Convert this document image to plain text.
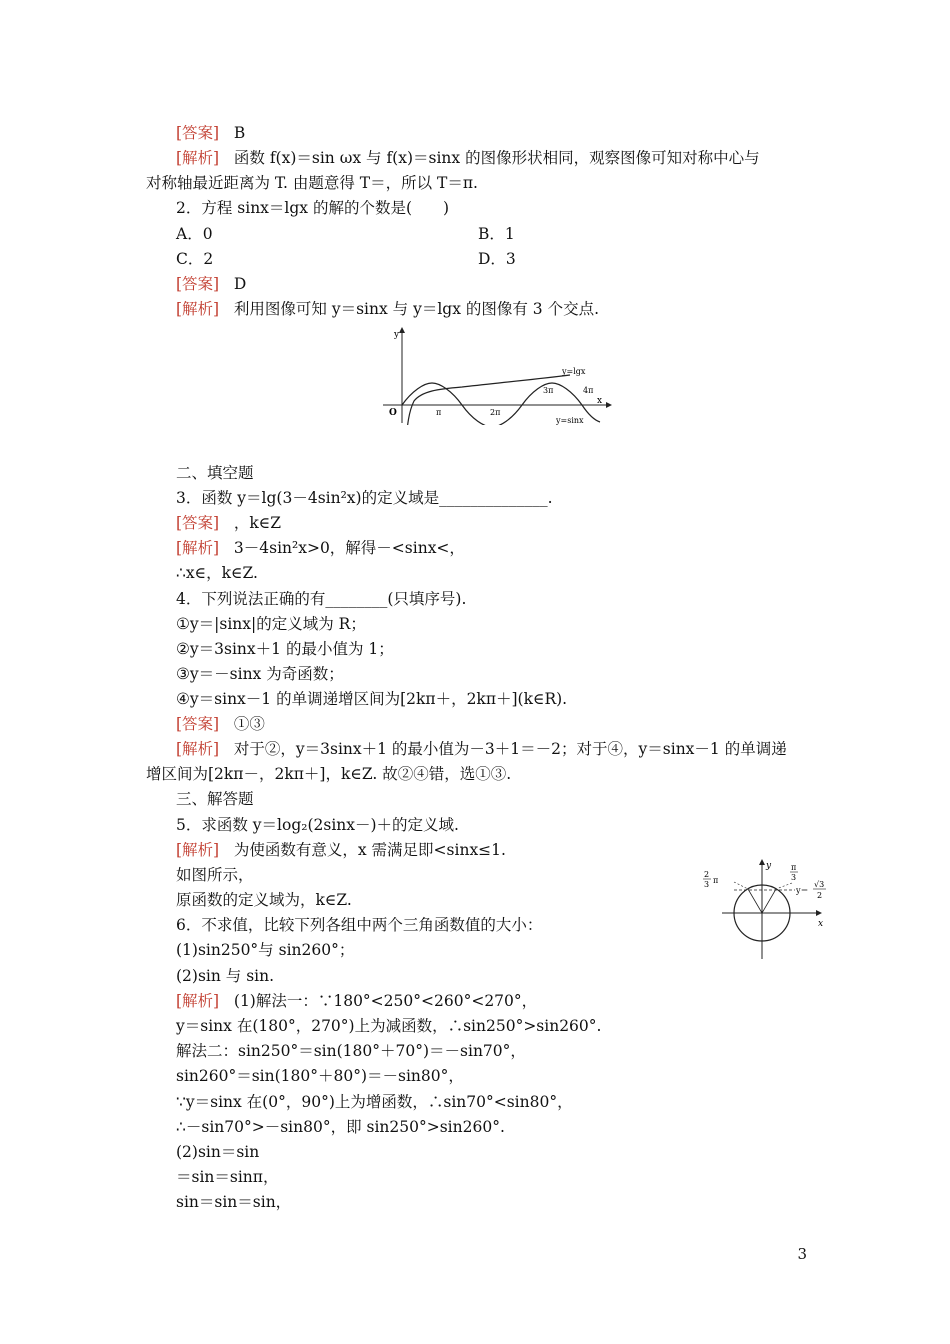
[答案] B
[解析] 函数 f(x)＝sin ωx 与 f(x)＝sinx 的图像形状相同，观察图像可知对称中心与
对称轴最近距离为 T. 由题意得 T＝，所以 T＝π.
2．方程 sinx＝lgx 的解的个数是(　　)
A．0	B．1
C．2	D．3
[答案] D
[解析] 利用图像可知 y＝sinx 与 y＝lgx 的图像有 3 个交点.
y
x
O	π	2π
3π	4π
y=lgx
y=sinx
二、填空题
3．函数 y＝lg(3－4sin²x)的定义域是______________.
[答案] ，k∈Z
[解析] 3－4sin²x>0，解得－<sinx<，
∴x∈，k∈Z.
4．下列说法正确的有________(只填序号).
①y＝|sinx|的定义域为 R；
②y＝3sinx＋1 的最小值为 1；
③y＝－sinx 为奇函数；
④y＝sinx－1 的单调递增区间为[2kπ＋，2kπ＋](k∈R).
[答案] ①③
[解析] 对于②，y＝3sinx＋1 的最小值为－3＋1＝－2；对于④，y＝sinx－1 的单调递
增区间为[2kπ－，2kπ＋]，k∈Z. 故②④错，选①③.
三、解答题
5．求函数 y＝log₂(2sinx－)＋的定义域.
[解析] 为使函数有意义，x 需满足即<sinx≤1.
如图所示，
原函数的定义域为，k∈Z.
y
x
2
3 π
π
3
y＝
√3
2
6．不求值，比较下列各组中两个三角函数值的大小：
(1)sin250°与 sin260°；
(2)sin 与 sin.
[解析] (1)解法一：∵180°<250°<260°<270°，
y＝sinx 在(180°，270°)上为减函数，∴sin250°>sin260°.
解法二：sin250°＝sin(180°＋70°)＝－sin70°，
sin260°＝sin(180°＋80°)＝－sin80°，
∵y＝sinx 在(0°，90°)上为增函数，∴sin70°<sin80°，
∴－sin70°>－sin80°，即 sin250°>sin260°.
(2)sin＝sin
＝sin＝sinπ，
sin＝sin＝sin，
3
